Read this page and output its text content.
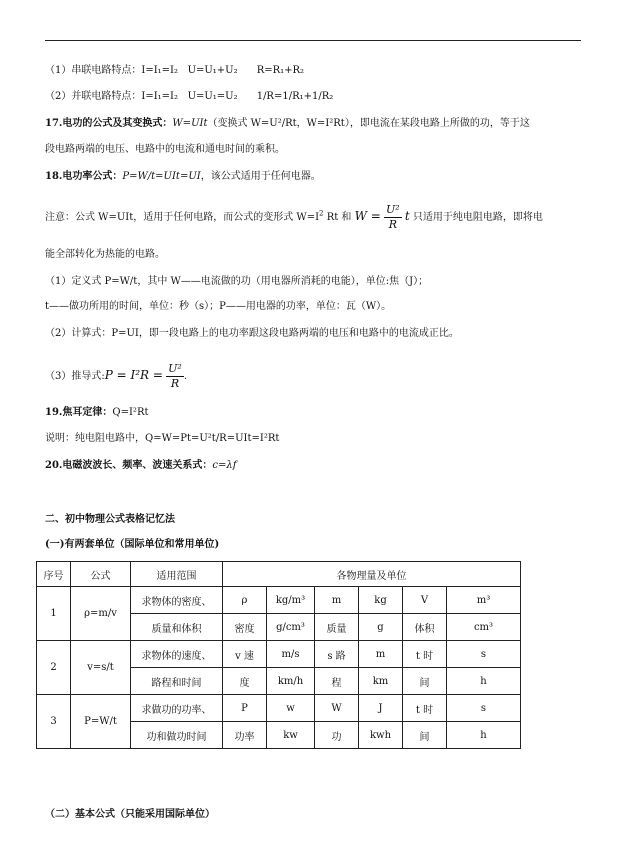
（1）串联电路特点：I=I₁=I₂ U=U₁+U₂ R=R₁+R₂
（2）并联电路特点：I=I₁=I₂ U=U₁=U₂ 1/R=1/R₁+1/R₂
17.电功的公式及其变换式：W=UIt（变换式 W=U²/Rt，W=I²Rt），即电流在某段电路上所做的功，等于这
段电路两端的电压、电路中的电流和通电时间的乘积。
18.电功率公式：P=W/t=UIt=UI，该公式适用于任何电器。
注意：公式 W=UIt，适用于任何电路，而公式的变形式 $W=I^2$ Rt 和 $W = \frac{\text{U²}}{R}$ t 只适用于纯电阻电路，即将电
能全部转化为热能的电路。
（1）定义式 P=W/t，其中 W——电流做的功（用电器所消耗的电能），单位:焦（J）；
t——做功所用的时间，单位：秒（s）；P——用电器的功率，单位：瓦（W）。
（2）计算式：P=UI，即一段电路上的电功率跟这段电路两端的电压和电路中的电流成正比。
（3）推导式:P = $I^2R = \frac{\text{U²}}{R}$ .
19.焦耳定律：Q=I²Rt
说明：纯电阻电路中，Q=W=Pt=U²t/R=UIt=I²Rt
20.电磁波波长、频率、波速关系式：c=λf
二、初中物理公式表格记忆法
(一)有两套单位（国际单位和常用单位)
序号	公式	适用范围	各物理量及单位					
1	ρ=m/v	求物体的密度、	ρ	kg/m³	m	kg	V	m³
		质量和体积	密度	g/cm³	质量	g	体积	cm³
2	v=s/t	求物体的速度、	v 速	m/s	s 路	m	t 时	s
		路程和时间	度	km/h	程	km	间	h
3	P=W/t	求做功的功率、	P	w	W	J	t 时	s
		功和做功时间	功率	kw	功	kwh	间	h
（二）基本公式（只能采用国际单位）
